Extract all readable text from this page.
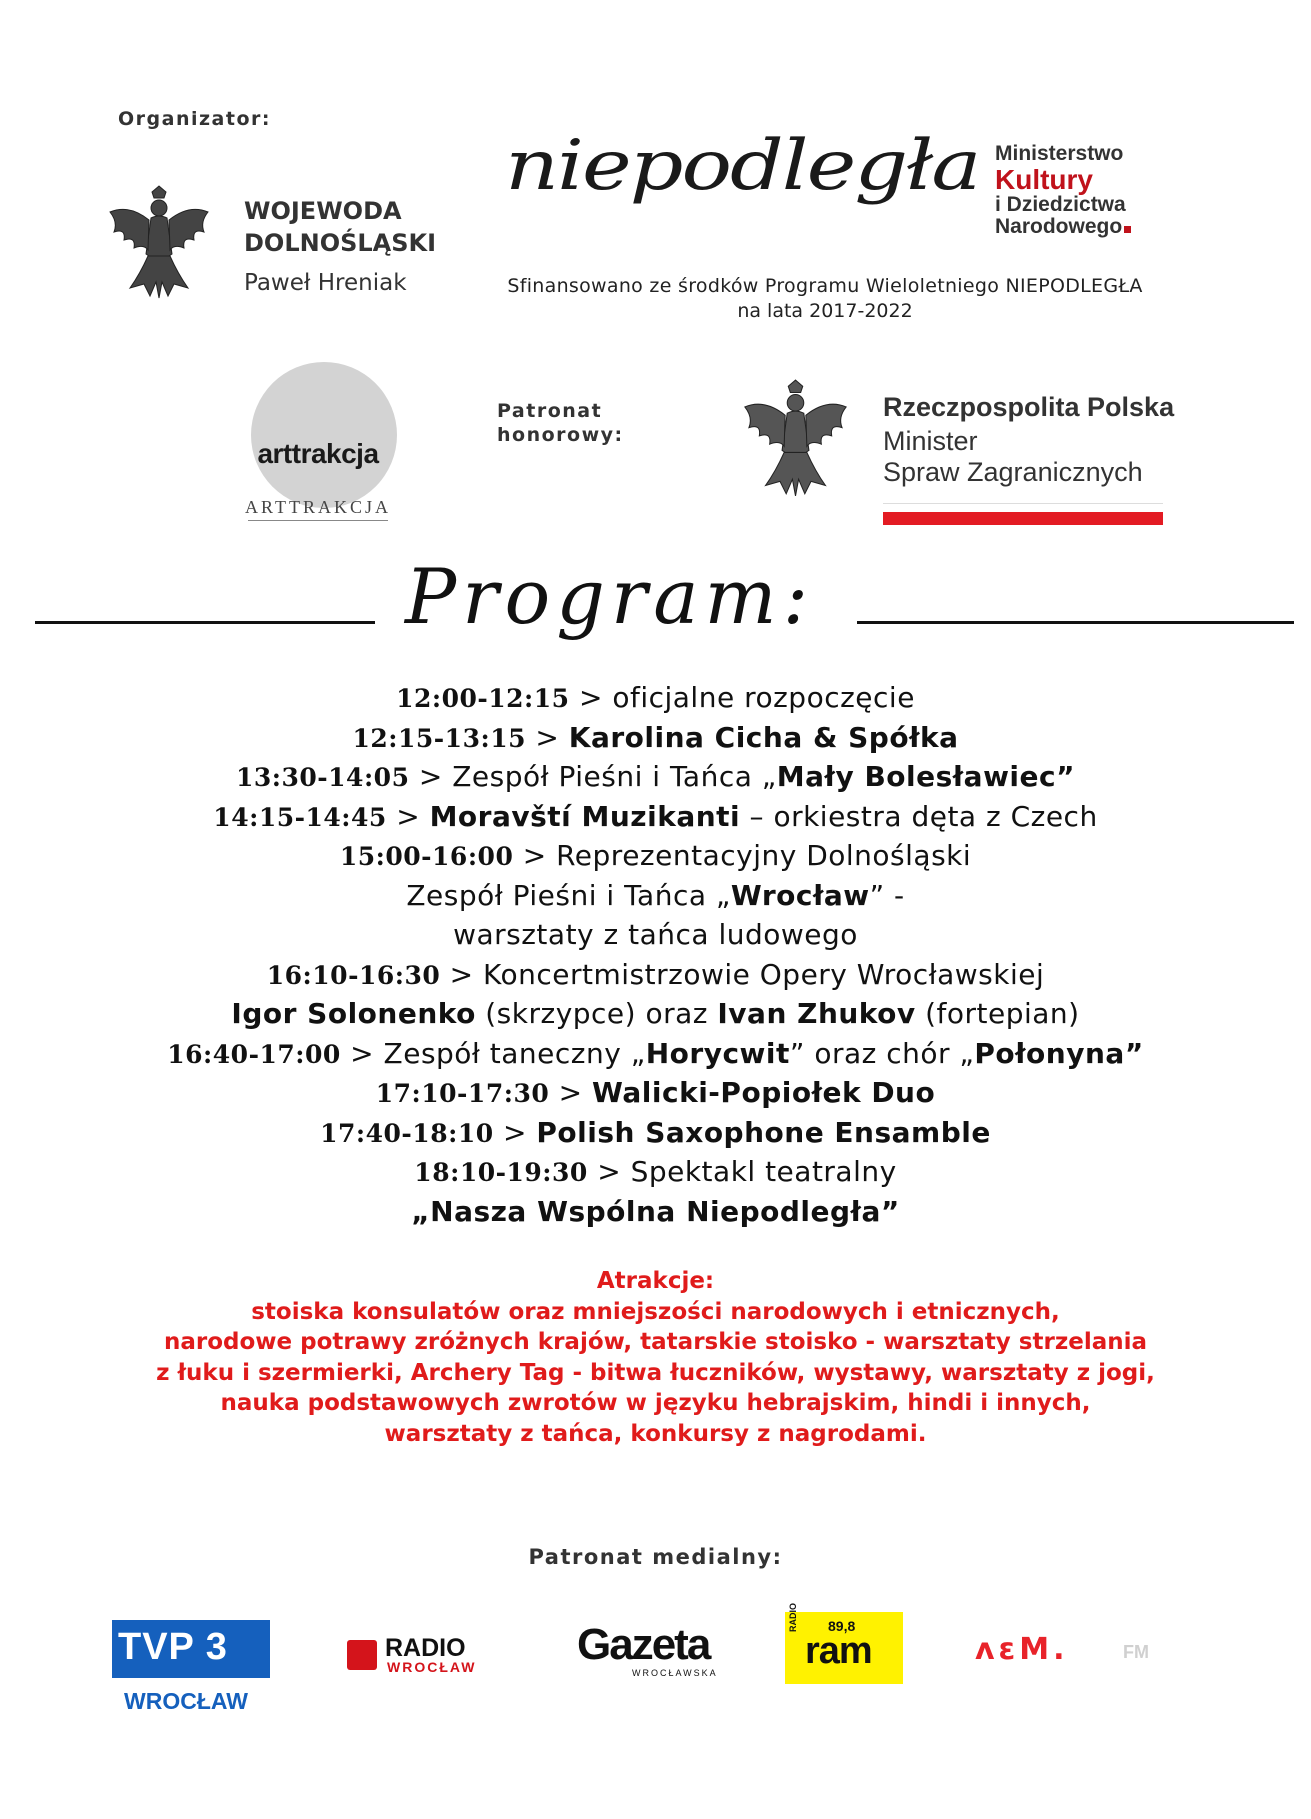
Organizator:
WOJEWODA
DOLNOŚLĄSKI
Paweł Hreniak
niepodległa
Sfinansowano ze środków Programu Wieloletniego NIEPODLEGŁA
na lata 2017-2022
Ministerstwo
Kultury
i Dziedzictwa
Narodowego
arttrakcja
ARTTRAKCJA
Patronat
honorowy:
Rzeczpospolita Polska
Minister
Spraw Zagranicznych
Program:
12:00-12:15 > oficjalne rozpoczęcie
12:15-13:15 > Karolina Cicha & Spółka
13:30-14:05 > Zespół Pieśni i Tańca „Mały Bolesławiec”
14:15-14:45 > Moravští Muzikanti – orkiestra dęta z Czech
15:00-16:00 > Reprezentacyjny Dolnośląski
Zespół Pieśni i Tańca „Wrocław” -
warsztaty z tańca ludowego
16:10-16:30 > Koncertmistrzowie Opery Wrocławskiej
Igor Solonenko (skrzypce) oraz Ivan Zhukov (fortepian)
16:40-17:00 > Zespół taneczny „Horycwit” oraz chór „Połonyna”
17:10-17:30 > Walicki-Popiołek Duo
17:40-18:10 > Polish Saxophone Ensamble
18:10-19:30 > Spektakl teatralny
„Nasza Wspólna Niepodległa”
Atrakcje:
stoiska konsulatów oraz mniejszości narodowych i etnicznych,
narodowe potrawy zróżnych krajów, tatarskie stoisko - warsztaty strzelania
z łuku i szermierki, Archery Tag - bitwa łuczników, wystawy, warsztaty z jogi,
nauka podstawowych zwrotów w języku hebrajskim, hindi i innych,
warsztaty z tańca, konkursy z nagrodami.
Patronat medialny:
TVP 3
WROCŁAW
RADIO
WROCŁAW Gazeta
WROCŁAWSKA
RADIO 89,8
ram	ʌɛM.	FM
